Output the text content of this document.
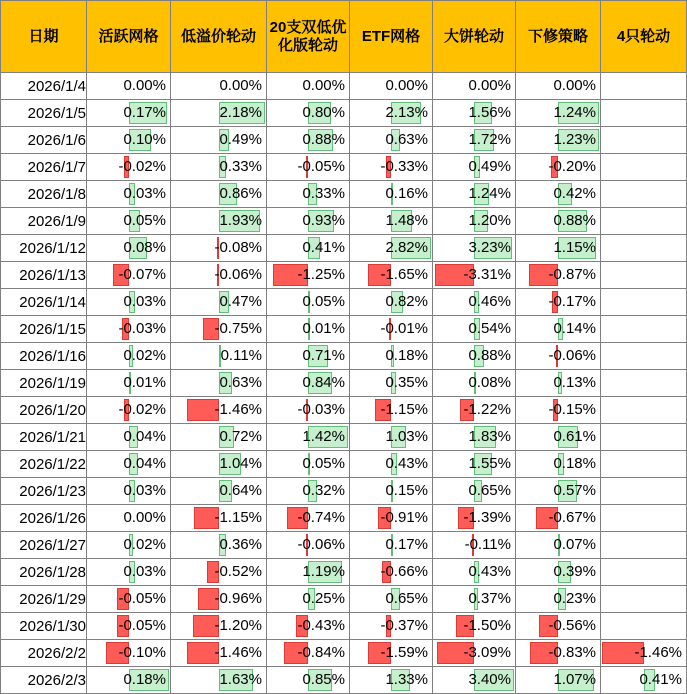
日期	活跃网格	低溢价轮动	20支双低优化版轮动	ETF网格	大饼轮动	下修策略	4只轮动
2026/1/4	0.00%	0.00%	0.00%	0.00%	0.00%	0.00%	

2026/1/5	0.17%	2.18%	0.80%	2.13%	1.56%	1.24%	

2026/1/6	0.10%	0.49%	0.88%	0.63%	1.72%	1.23%	

2026/1/7	-0.02%	0.33%	-0.05%	-0.33%	0.49%	-0.20%	

2026/1/8	0.03%	0.86%	0.33%	0.16%	1.24%	0.42%	

2026/1/9	0.05%	1.93%	0.93%	1.48%	1.20%	0.88%	

2026/1/12	0.08%	-0.08%	0.41%	2.82%	3.23%	1.15%	

2026/1/13	-0.07%	-0.06%	-1.25%	-1.65%	-3.31%	-0.87%	

2026/1/14	0.03%	0.47%	0.05%	0.82%	0.46%	-0.17%	

2026/1/15	-0.03%	-0.75%	0.01%	-0.01%	0.54%	0.14%	

2026/1/16	0.02%	0.11%	0.71%	0.18%	0.88%	-0.06%	

2026/1/19	0.01%	0.63%	0.84%	0.35%	0.08%	0.13%	

2026/1/20	-0.02%	-1.46%	-0.03%	-1.15%	-1.22%	-0.15%	

2026/1/21	0.04%	0.72%	1.42%	1.03%	1.83%	0.61%	

2026/1/22	0.04%	1.04%	0.05%	0.43%	1.55%	0.18%	

2026/1/23	0.03%	0.64%	0.32%	0.15%	0.65%	0.57%	

2026/1/26	0.00%	-1.15%	-0.74%	-0.91%	-1.39%	-0.67%	

2026/1/27	0.02%	0.36%	-0.06%	0.17%	-0.11%	0.07%	

2026/1/28	0.03%	-0.52%	1.19%	-0.66%	0.43%	0.39%	

2026/1/29	-0.05%	-0.96%	0.25%	0.65%	0.37%	0.23%	

2026/1/30	-0.05%	-1.20%	-0.43%	-0.37%	-1.50%	-0.56%	

2026/2/2	-0.10%	-1.46%	-0.84%	-1.59%	-3.09%	-0.83%	-1.46%

2026/2/3	0.18%	1.63%	0.85%	1.33%	3.40%	1.07%	0.41%
